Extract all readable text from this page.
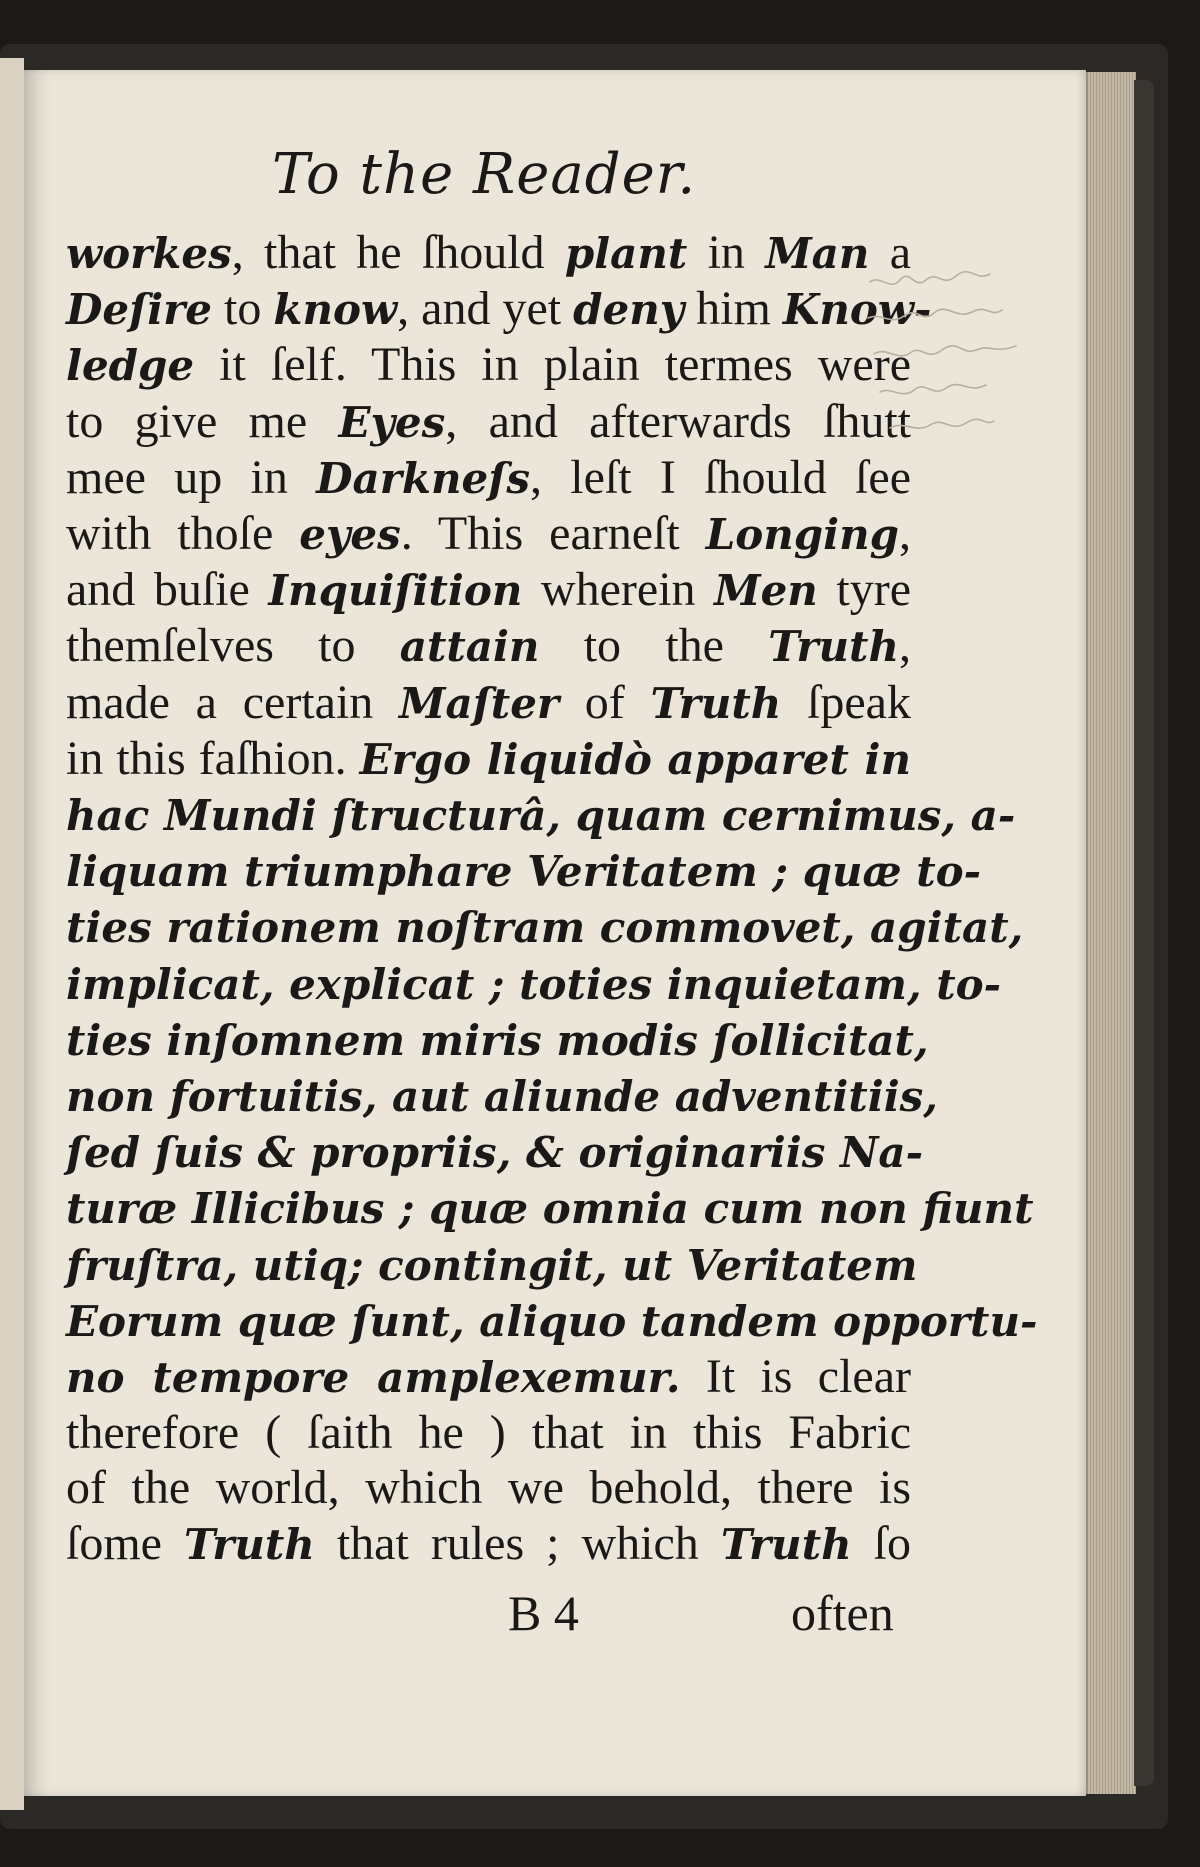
To the Reader.
workes, that he ſhould plant in Man a
Deſire to know, and yet deny him Know-
ledge it ſelf. This in plain termes were
to give me Eyes, and afterwards ſhutt
mee up in Darkneſs, leſt I ſhould ſee
with thoſe eyes. This earneſt Longing,
and buſie Inquiſition wherein Men tyre
themſelves to attain to the Truth,
made a certain Maſter of Truth ſpeak
in this faſhion. Ergo liquidò apparet in
hac Mundi ſtructurâ, quam cernimus, a-
liquam triumphare Veritatem ; quæ to-
ties rationem noſtram commovet, agitat,
implicat, explicat ; toties inquietam, to-
ties inſomnem miris modis ſollicitat,
non fortuitis, aut aliunde adventitiis,
ſed ſuis & propriis, & originariis Na-
turæ Illicibus ; quæ omnia cum non fiunt
fruſtra, utiq; contingit, ut Veritatem
Eorum quæ ſunt, aliquo tandem opportu-
no tempore amplexemur. It is clear
therefore ( ſaith he ) that in this Fabric
of the world, which we behold, there is
ſome Truth that rules ; which Truth ſo
B 4	often
